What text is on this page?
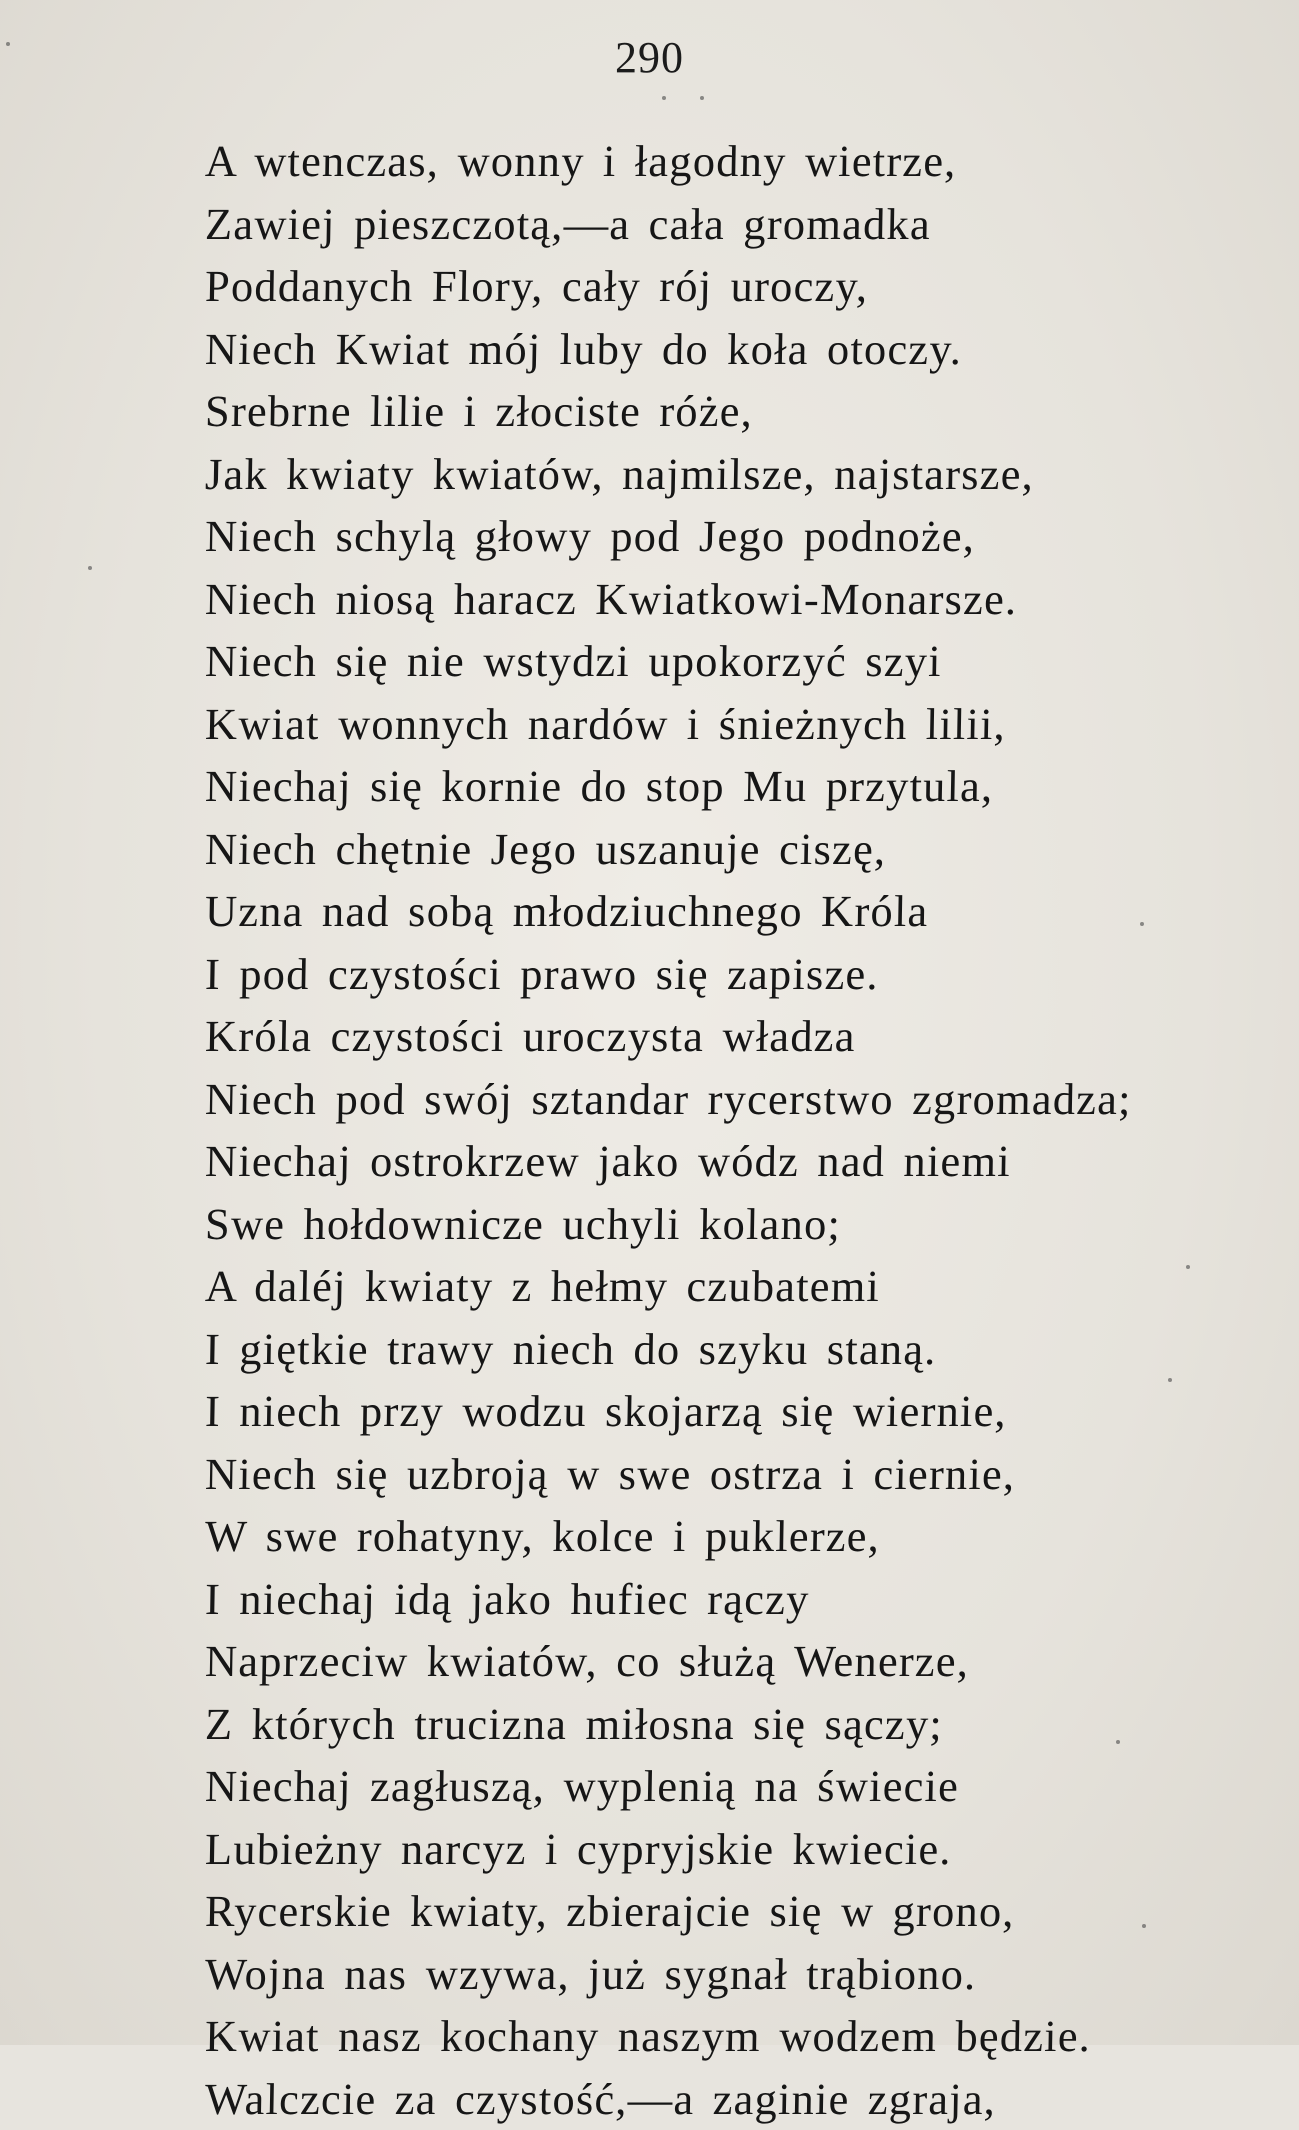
290
A wtenczas, wonny i łagodny wietrze,
Zawiej pieszczotą,—a cała gromadka
Poddanych Flory, cały rój uroczy,
Niech Kwiat mój luby do koła otoczy.
Srebrne lilie i złociste róże,
Jak kwiaty kwiatów, najmilsze, najstarsze,
Niech schylą głowy pod Jego podnoże,
Niech niosą haracz Kwiatkowi-Monarsze.
Niech się nie wstydzi upokorzyć szyi
Kwiat wonnych nardów i śnieżnych lilii,
Niechaj się kornie do stop Mu przytula,
Niech chętnie Jego uszanuje ciszę,
Uzna nad sobą młodziuchnego Króla
I pod czystości prawo się zapisze.
Króla czystości uroczysta władza
Niech pod swój sztandar rycerstwo zgromadza;
Niechaj ostrokrzew jako wódz nad niemi
Swe hołdownicze uchyli kolano;
A daléj kwiaty z hełmy czubatemi
I giętkie trawy niech do szyku staną.
I niech przy wodzu skojarzą się wiernie,
Niech się uzbroją w swe ostrza i ciernie,
W swe rohatyny, kolce i puklerze,
I niechaj idą jako hufiec rączy
Naprzeciw kwiatów, co służą Wenerze,
Z których trucizna miłosna się sączy;
Niechaj zagłuszą, wyplenią na świecie
Lubieżny narcyz i cypryjskie kwiecie.
Rycerskie kwiaty, zbierajcie się w grono,
Wojna nas wzywa, już sygnał trąbiono.
Kwiat nasz kochany naszym wodzem będzie.
Walczcie za czystość,—a zaginie zgraja,
